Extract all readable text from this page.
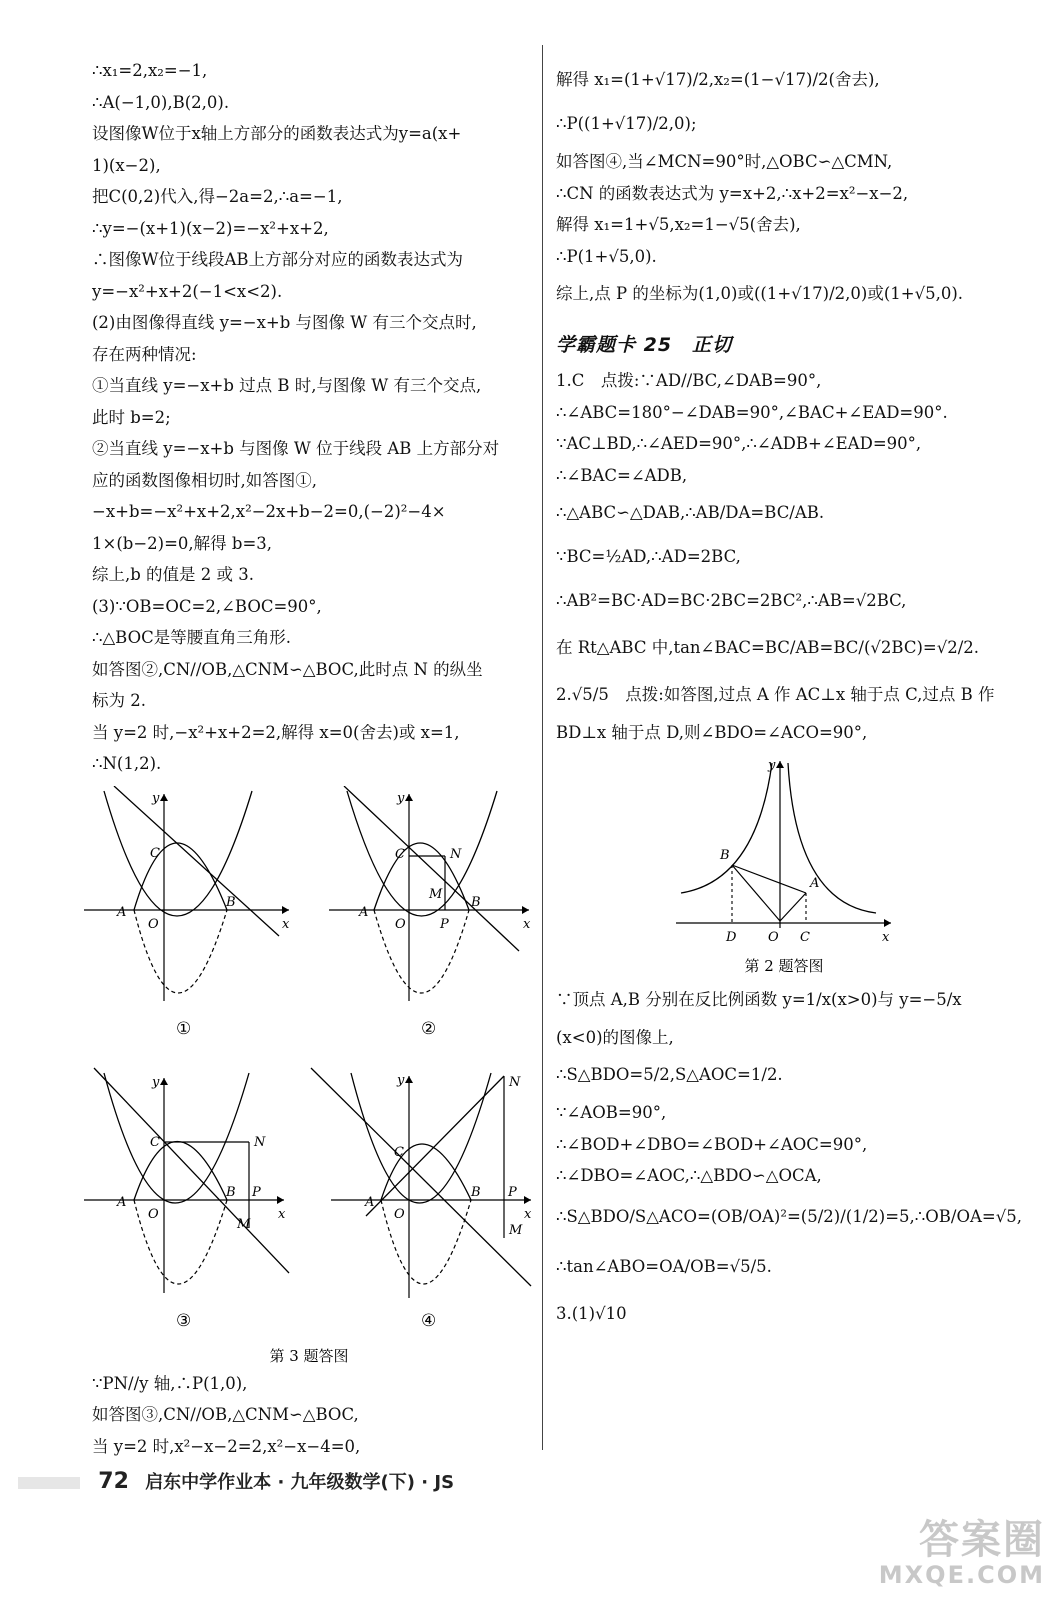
∴x₁=2,x₂=−1,
∴A(−1,0),B(2,0).
设图像W位于x轴上方部分的函数表达式为y=a(x+
1)(x−2),
把C(0,2)代入,得−2a=2,∴a=−1,
∴y=−(x+1)(x−2)=−x²+x+2,
∴图像W位于线段AB上方部分对应的函数表达式为
y=−x²+x+2(−1<x<2).
(2)由图像得直线 y=−x+b 与图像 W 有三个交点时,
存在两种情况:
①当直线 y=−x+b 过点 B 时,与图像 W 有三个交点,
此时 b=2;
②当直线 y=−x+b 与图像 W 位于线段 AB 上方部分对
应的函数图像相切时,如答图①,
−x+b=−x²+x+2,x²−2x+b−2=0,(−2)²−4×
1×(b−2)=0,解得 b=3,
综上,b 的值是 2 或 3.
(3)∵OB=OC=2,∠BOC=90°,
∴△BOC是等腰直角三角形.
如答图②,CN//OB,△CNM∽△BOC,此时点 N 的纵坐
标为 2.
当 y=2 时,−x²+x+2=2,解得 x=0(舍去)或 x=1,
∴N(1,2).
C
A
O
B
x
y
①
C	N
M
A
O	P
B
x
y
②
C	N
A
O
B P
M
x
y
③
C
N
A
O
B P
M
x
y
④
第 3 题答图
∵PN//y 轴,∴P(1,0),
如答图③,CN//OB,△CNM∽△BOC,
当 y=2 时,x²−x−2=2,x²−x−4=0,
解得 x₁=(1+√17)/2,x₂=(1−√17)/2(舍去),
∴P((1+√17)/2,0);
如答图④,当∠MCN=90°时,△OBC∽△CMN,
∴CN 的函数表达式为 y=x+2,∴x+2=x²−x−2,
解得 x₁=1+√5,x₂=1−√5(舍去),
∴P(1+√5,0).
综上,点 P 的坐标为(1,0)或((1+√17)/2,0)或(1+√5,0).
学霸题卡 25　正切
1.C　点拨:∵AD//BC,∠DAB=90°,
∴∠ABC=180°−∠DAB=90°,∠BAC+∠EAD=90°.
∵AC⊥BD,∴∠AED=90°,∴∠ADB+∠EAD=90°,
∴∠BAC=∠ADB,
∴△ABC∽△DAB,∴AB/DA=BC/AB.
∵BC=½AD,∴AD=2BC,
∴AB²=BC·AD=BC·2BC=2BC²,∴AB=√2BC,
在 Rt△ABC 中,tan∠BAC=BC/AB=BC/(√2BC)=√2/2.
2.√5/5　点拨:如答图,过点 A 作 AC⊥x 轴于点 C,过点 B 作
BD⊥x 轴于点 D,则∠BDO=∠ACO=90°,
B
A
D O C	x
y
第 2 题答图
∵顶点 A,B 分别在反比例函数 y=1/x(x>0)与 y=−5/x
(x<0)的图像上,
∴S△BDO=5/2,S△AOC=1/2.
∵∠AOB=90°,
∴∠BOD+∠DBO=∠BOD+∠AOC=90°,
∴∠DBO=∠AOC,∴△BDO∽△OCA,
∴S△BDO/S△ACO=(OB/OA)²=(5/2)/(1/2)=5,∴OB/OA=√5,
∴tan∠ABO=OA/OB=√5/5.
3.(1)√10
72 启东中学作业本 · 九年级数学(下) · JS
答案圈
MXQE.COM
